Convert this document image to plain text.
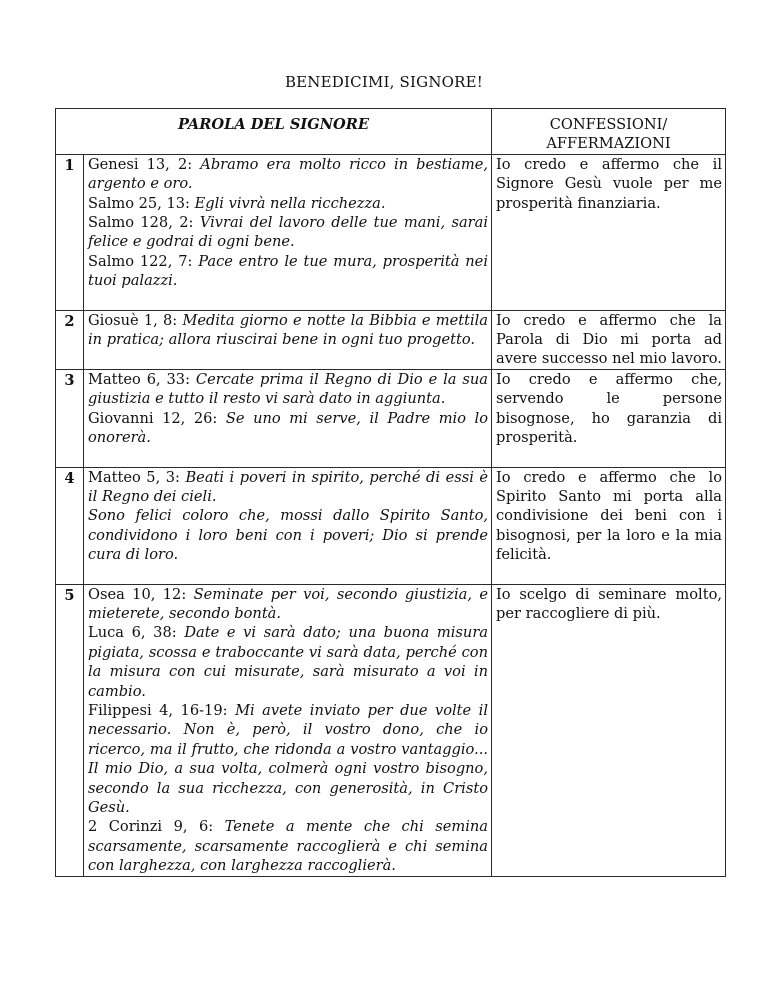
BENEDICIMI, SIGNORE!
PAROLA DEL SIGNORE		CONFESSIONI/ AFFERMAZIONI
1	Genesi 13, 2: Abramo era molto ricco in bestiame, argento e oro.
Salmo 25, 13: Egli vivrà nella ricchezza.
Salmo 128, 2: Vivrai del lavoro delle tue mani, sarai felice e godrai di ogni bene.
Salmo 122, 7: Pace entro le tue mura, prosperità nei tuoi palazzi.	Io credo e affermo che il Signore Gesù vuole per me prosperità finanziaria.
2	Giosuè 1, 8: Medita giorno e notte la Bibbia e mettila in pratica; allora riuscirai bene in ogni tuo progetto.	Io credo e affermo che la Parola di Dio mi porta ad avere successo nel mio lavoro.
3	Matteo 6, 33: Cercate prima il Regno di Dio e la sua giustizia e tutto il resto vi sarà dato in aggiunta.
Giovanni 12, 26: Se uno mi serve, il Padre mio lo onorerà.	Io credo e affermo che, servendo le persone bisognose, ho garanzia di prosperità.
4	Matteo 5, 3: Beati i poveri in spirito, perché di essi è il Regno dei cieli.
Sono felici coloro che, mossi dallo Spirito Santo, condividono i loro beni con i poveri; Dio si prende cura di loro.	Io credo e affermo che lo Spirito Santo mi porta alla condivisione dei beni con i bisognosi, per la loro e la mia felicità.
5	Osea 10, 12: Seminate per voi, secondo giustizia, e mieterete, secondo bontà.
Luca 6, 38: Date e vi sarà dato; una buona misura pigiata, scossa e traboccante vi sarà data, perché con la misura con cui misurate, sarà misurato a voi in cambio.
Filippesi 4, 16-19: Mi avete inviato per due volte il necessario. Non è, però, il vostro dono, che io ricerco, ma il frutto, che ridonda a vostro vantaggio... Il mio Dio, a sua volta, colmerà ogni vostro bisogno, secondo la sua ricchezza, con generosità, in Cristo Gesù.
2 Corinzi 9, 6: Tenete a mente che chi semina scarsamente, scarsamente raccoglierà e chi semina con larghezza, con larghezza raccoglierà.	Io scelgo di seminare molto, per raccogliere di più.
